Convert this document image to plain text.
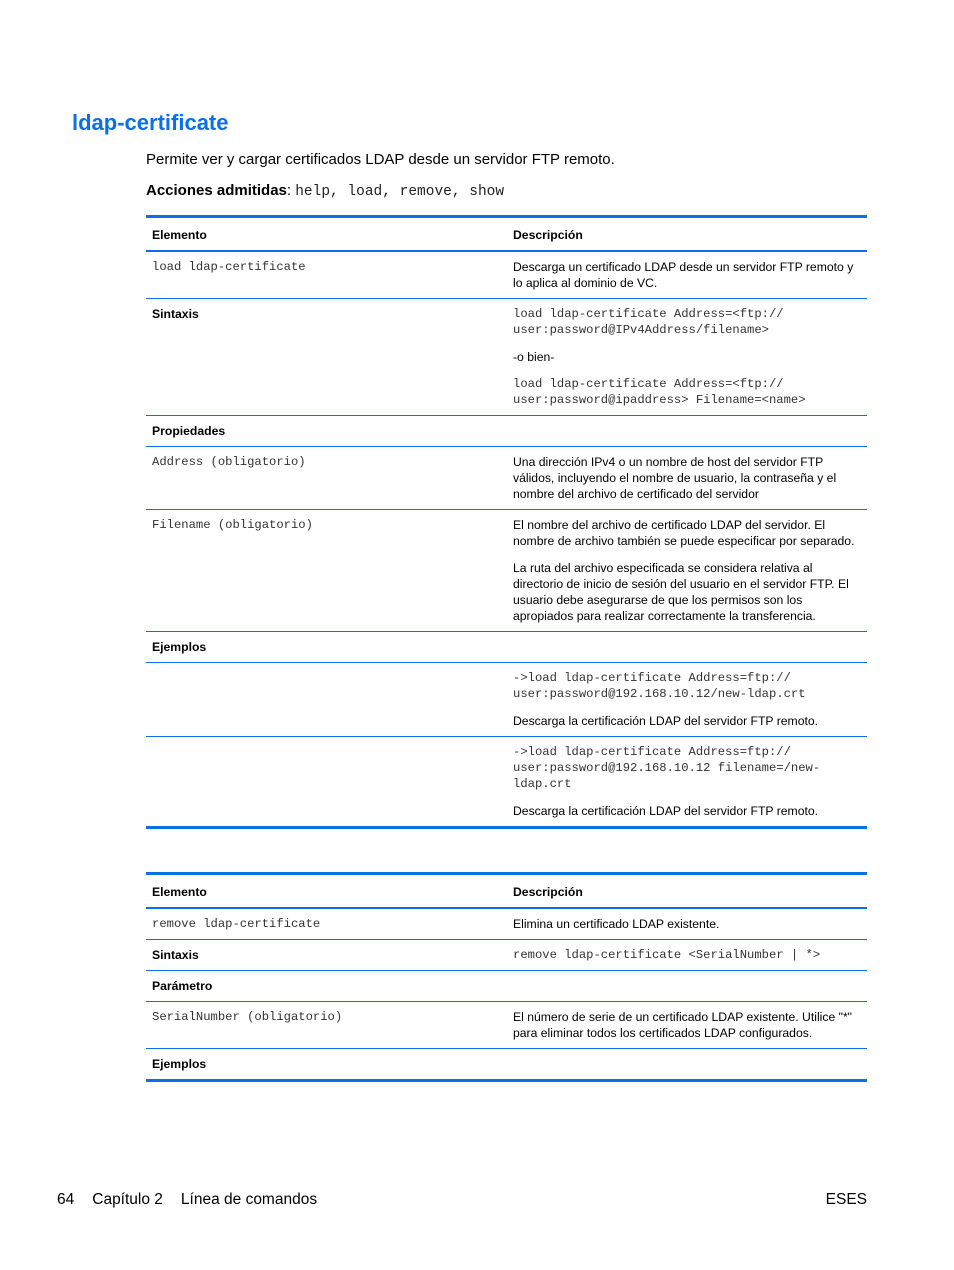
ldap-certificate
Permite ver y cargar certificados LDAP desde un servidor FTP remoto.
Acciones admitidas: help, load, remove, show
Elemento	Descripción
load ldap-certificate	Descarga un certificado LDAP desde un servidor FTP remoto y lo aplica al dominio de VC.

Sintaxis	load ldap-certificate Address=<ftp:// user:password@IPv4Address/filename>

-o bien-

load ldap-certificate Address=<ftp:// user:password@ipaddress> Filename=<name>

Propiedades	
Address (obligatorio)	Una dirección IPv4 o un nombre de host del servidor FTP válidos, incluyendo el nombre de usuario, la contraseña y el nombre del archivo de certificado del servidor

Filename (obligatorio)	El nombre del archivo de certificado LDAP del servidor. El nombre de archivo también se puede especificar por separado.

La ruta del archivo especificada se considera relativa al directorio de inicio de sesión del usuario en el servidor FTP. El usuario debe asegurarse de que los permisos son los apropiados para realizar correctamente la transferencia.

Ejemplos	

	->load ldap-certificate Address=ftp:// user:password@192.168.10.12/new-ldap.crt

Descarga la certificación LDAP del servidor FTP remoto.

	->load ldap-certificate Address=ftp:// user:password@192.168.10.12 filename=/new-ldap.crt

Descarga la certificación LDAP del servidor FTP remoto.

Elemento	Descripción
remove ldap-certificate	Elimina un certificado LDAP existente.

Sintaxis	remove ldap-certificate <SerialNumber | *>

Parámetro	
SerialNumber (obligatorio)	El número de serie de un certificado LDAP existente. Utilice "*" para eliminar todos los certificados LDAP configurados.

Ejemplos	
64 Capítulo 2 Línea de comandos	ESES
